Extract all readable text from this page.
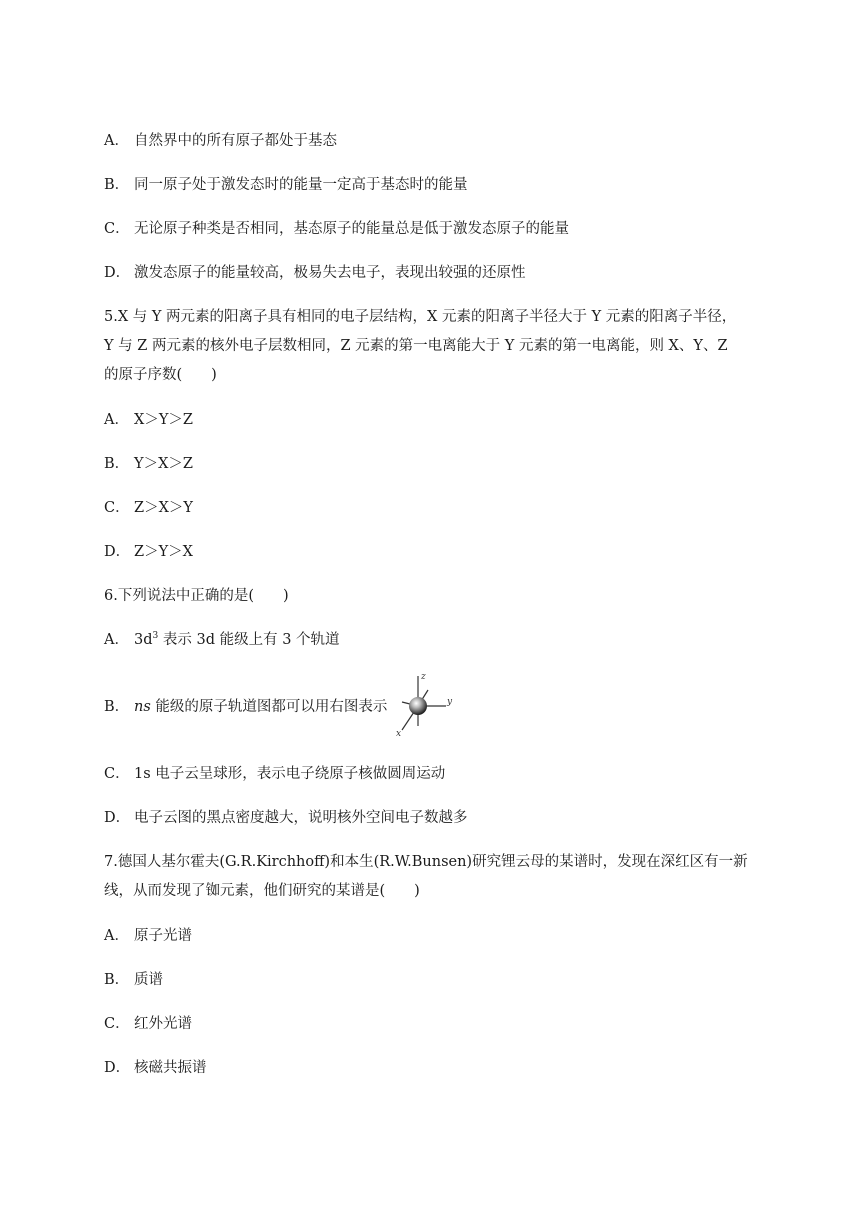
A． 自然界中的所有原子都处于基态
B． 同一原子处于激发态时的能量一定高于基态时的能量
C． 无论原子种类是否相同，基态原子的能量总是低于激发态原子的能量
D． 激发态原子的能量较高，极易失去电子，表现出较强的还原性
5.X 与 Y 两元素的阳离子具有相同的电子层结构，X 元素的阳离子半径大于 Y 元素的阳离子半径，
Y 与 Z 两元素的核外电子层数相同，Z 元素的第一电离能大于 Y 元素的第一电离能，则 X、Y、Z
的原子序数(　　)
A． X＞Y＞Z
B． Y＞X＞Z
C． Z＞X＞Y
D． Z＞Y＞X
6.下列说法中正确的是(　　)
A． $3d^3$ 表示 3d 能级上有 3 个轨道
B． ns 能级的原子轨道图都可以用右图表示
z
y
x
C． 1s 电子云呈球形，表示电子绕原子核做圆周运动
D． 电子云图的黑点密度越大，说明核外空间电子数越多
7.德国人基尔霍夫(G.R.Kirchhoff)和本生(R.W.Bunsen)研究锂云母的某谱时，发现在深红区有一新
线，从而发现了铷元素，他们研究的某谱是(　　)
A． 原子光谱
B． 质谱
C． 红外光谱
D． 核磁共振谱
